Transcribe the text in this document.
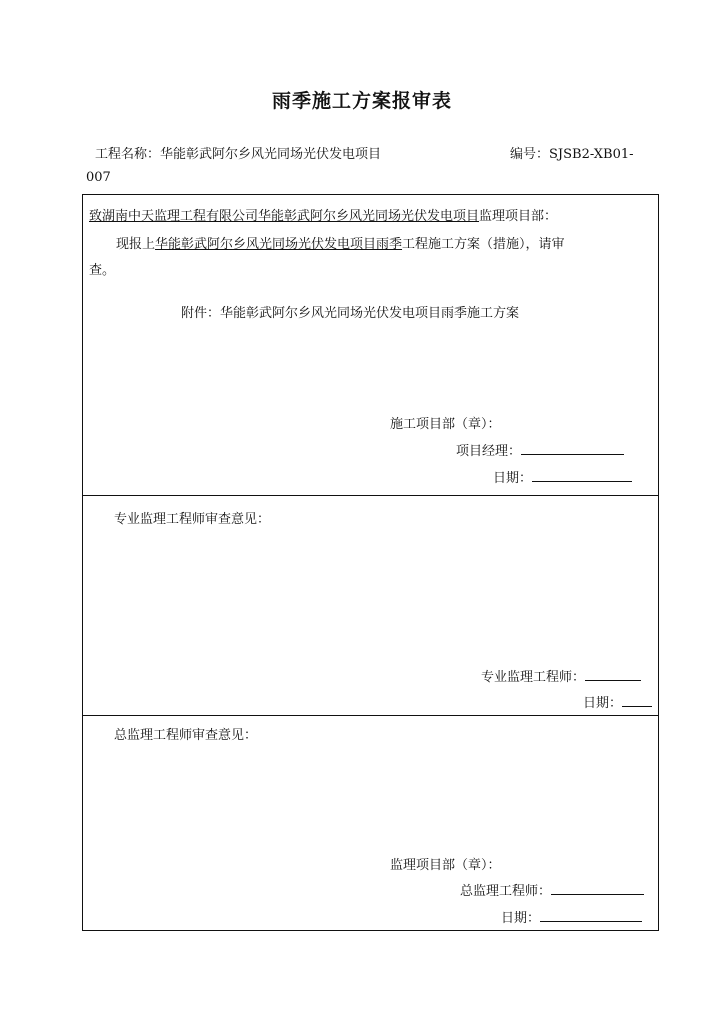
雨季施工方案报审表
工程名称：华能彰武阿尔乡风光同场光伏发电项目	编号：SJSB2-XB01-
007
致湖南中天监理工程有限公司华能彰武阿尔乡风光同场光伏发电项目监理项目部：
现报上华能彰武阿尔乡风光同场光伏发电项目雨季工程施工方案（措施），请审
查。
附件：华能彰武阿尔乡风光同场光伏发电项目雨季施工方案
施工项目部（章）：
项目经理：
日期：
专业监理工程师审查意见：
专业监理工程师：
日期：
总监理工程师审查意见：
监理项目部（章）：
总监理工程师：
日期：
